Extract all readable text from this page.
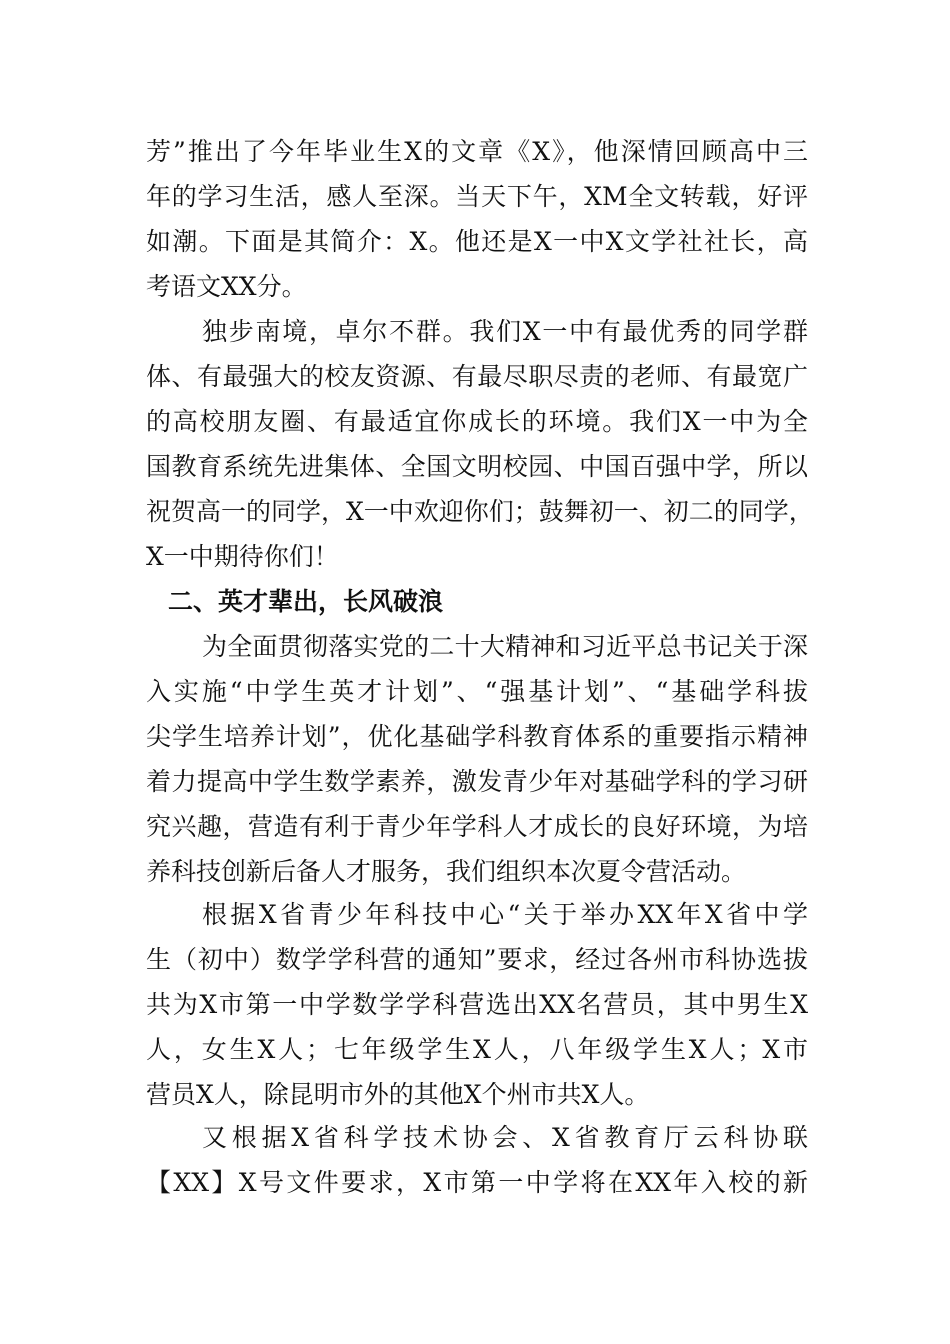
芳”推出了今年毕业生X的文章《X》，他深情回顾高中三
年的学习生活，感人至深。当天下午，XM全文转载，好评
如潮。下面是其简介：X。他还是X一中X文学社社长，高
考语文XX分。
独步南境，卓尔不群。我们X一中有最优秀的同学群
体、有最强大的校友资源、有最尽职尽责的老师、有最宽广
的高校朋友圈、有最适宜你成长的环境。我们X一中为全
国教育系统先进集体、全国文明校园、中国百强中学，所以
祝贺高一的同学，X一中欢迎你们；鼓舞初一、初二的同学，
X一中期待你们！
二、英才辈出，长风破浪
为全面贯彻落实党的二十大精神和习近平总书记关于深
入实施“中学生英才计划”、“强基计划”、“基础学科拔
尖学生培养计划”，优化基础学科教育体系的重要指示精神
着力提高中学生数学素养，激发青少年对基础学科的学习研
究兴趣，营造有利于青少年学科人才成长的良好环境，为培
养科技创新后备人才服务，我们组织本次夏令营活动。
根据X省青少年科技中心“关于举办XX年X省中学
生（初中）数学学科营的通知”要求，经过各州市科协选拔
共为X市第一中学数学学科营选出XX名营员，其中男生X
人，女生X人；七年级学生X人，八年级学生X人；X市
营员X人，除昆明市外的其他X个州市共X人。
又根据X省科学技术协会、X省教育厅云科协联
【XX】X号文件要求，X市第一中学将在XX年入校的新
